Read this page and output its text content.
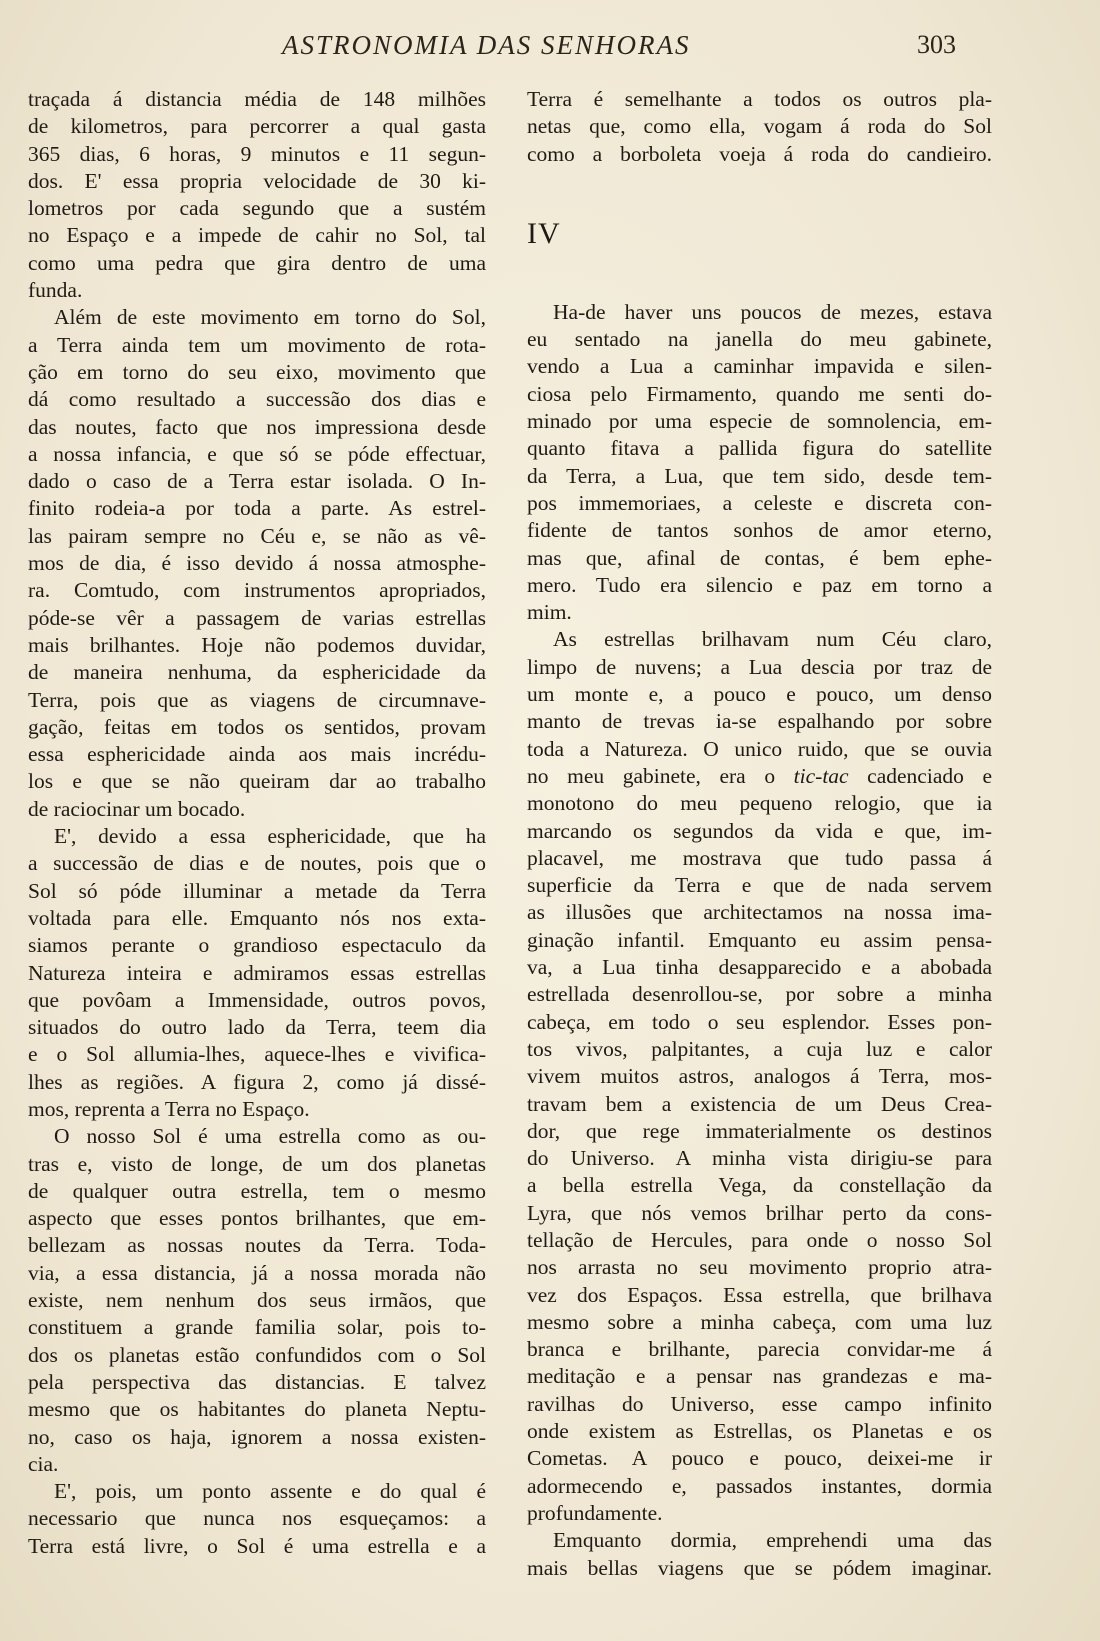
ASTRONOMIA DAS SENHORAS	303
traçada á distancia média de 148 milhões
de kilometros, para percorrer a qual gasta
365 dias, 6 horas, 9 minutos e 11 segun-
dos. E' essa propria velocidade de 30 ki-
lometros por cada segundo que a sustém
no Espaço e a impede de cahir no Sol, tal
como uma pedra que gira dentro de uma
funda.
Além de este movimento em torno do Sol,
a Terra ainda tem um movimento de rota-
ção em torno do seu eixo, movimento que
dá como resultado a successão dos dias e
das noutes, facto que nos impressiona desde
a nossa infancia, e que só se póde effectuar,
dado o caso de a Terra estar isolada. O In-
finito rodeia-a por toda a parte. As estrel-
las pairam sempre no Céu e, se não as vê-
mos de dia, é isso devido á nossa atmosphe-
ra. Comtudo, com instrumentos apropriados,
póde-se vêr a passagem de varias estrellas
mais brilhantes. Hoje não podemos duvidar,
de maneira nenhuma, da esphericidade da
Terra, pois que as viagens de circumnave-
gação, feitas em todos os sentidos, provam
essa esphericidade ainda aos mais incrédu-
los e que se não queiram dar ao trabalho
de raciocinar um bocado.
E', devido a essa esphericidade, que ha
a successão de dias e de noutes, pois que o
Sol só póde illuminar a metade da Terra
voltada para elle. Emquanto nós nos exta-
siamos perante o grandioso espectaculo da
Natureza inteira e admiramos essas estrellas
que povôam a Immensidade, outros povos,
situados do outro lado da Terra, teem dia
e o Sol allumia-lhes, aquece-lhes e vivifica-
lhes as regiões. A figura 2, como já dissé-
mos, reprenta a Terra no Espaço.
O nosso Sol é uma estrella como as ou-
tras e, visto de longe, de um dos planetas
de qualquer outra estrella, tem o mesmo
aspecto que esses pontos brilhantes, que em-
bellezam as nossas noutes da Terra. Toda-
via, a essa distancia, já a nossa morada não
existe, nem nenhum dos seus irmãos, que
constituem a grande familia solar, pois to-
dos os planetas estão confundidos com o Sol
pela perspectiva das distancias. E talvez
mesmo que os habitantes do planeta Neptu-
no, caso os haja, ignorem a nossa existen-
cia.
E', pois, um ponto assente e do qual é
necessario que nunca nos esqueçamos: a
Terra está livre, o Sol é uma estrella e a
Terra é semelhante a todos os outros pla-
netas que, como ella, vogam á roda do Sol
como a borboleta voeja á roda do candieiro.
IV
Ha-de haver uns poucos de mezes, estava
eu sentado na janella do meu gabinete,
vendo a Lua a caminhar impavida e silen-
ciosa pelo Firmamento, quando me senti do-
minado por uma especie de somnolencia, em-
quanto fitava a pallida figura do satellite
da Terra, a Lua, que tem sido, desde tem-
pos immemoriaes, a celeste e discreta con-
fidente de tantos sonhos de amor eterno,
mas que, afinal de contas, é bem ephe-
mero. Tudo era silencio e paz em torno a
mim.
As estrellas brilhavam num Céu claro,
limpo de nuvens; a Lua descia por traz de
um monte e, a pouco e pouco, um denso
manto de trevas ia-se espalhando por sobre
toda a Natureza. O unico ruido, que se ouvia
no meu gabinete, era o tic-tac cadenciado e
monotono do meu pequeno relogio, que ia
marcando os segundos da vida e que, im-
placavel, me mostrava que tudo passa á
superficie da Terra e que de nada servem
as illusões que architectamos na nossa ima-
ginação infantil. Emquanto eu assim pensa-
va, a Lua tinha desapparecido e a abobada
estrellada desenrollou-se, por sobre a minha
cabeça, em todo o seu esplendor. Esses pon-
tos vivos, palpitantes, a cuja luz e calor
vivem muitos astros, analogos á Terra, mos-
travam bem a existencia de um Deus Crea-
dor, que rege immaterialmente os destinos
do Universo. A minha vista dirigiu-se para
a bella estrella Vega, da constellação da
Lyra, que nós vemos brilhar perto da cons-
tellação de Hercules, para onde o nosso Sol
nos arrasta no seu movimento proprio atra-
vez dos Espaços. Essa estrella, que brilhava
mesmo sobre a minha cabeça, com uma luz
branca e brilhante, parecia convidar-me á
meditação e a pensar nas grandezas e ma-
ravilhas do Universo, esse campo infinito
onde existem as Estrellas, os Planetas e os
Cometas. A pouco e pouco, deixei-me ir
adormecendo e, passados instantes, dormia
profundamente.
Emquanto dormia, emprehendi uma das
mais bellas viagens que se pódem imaginar.
